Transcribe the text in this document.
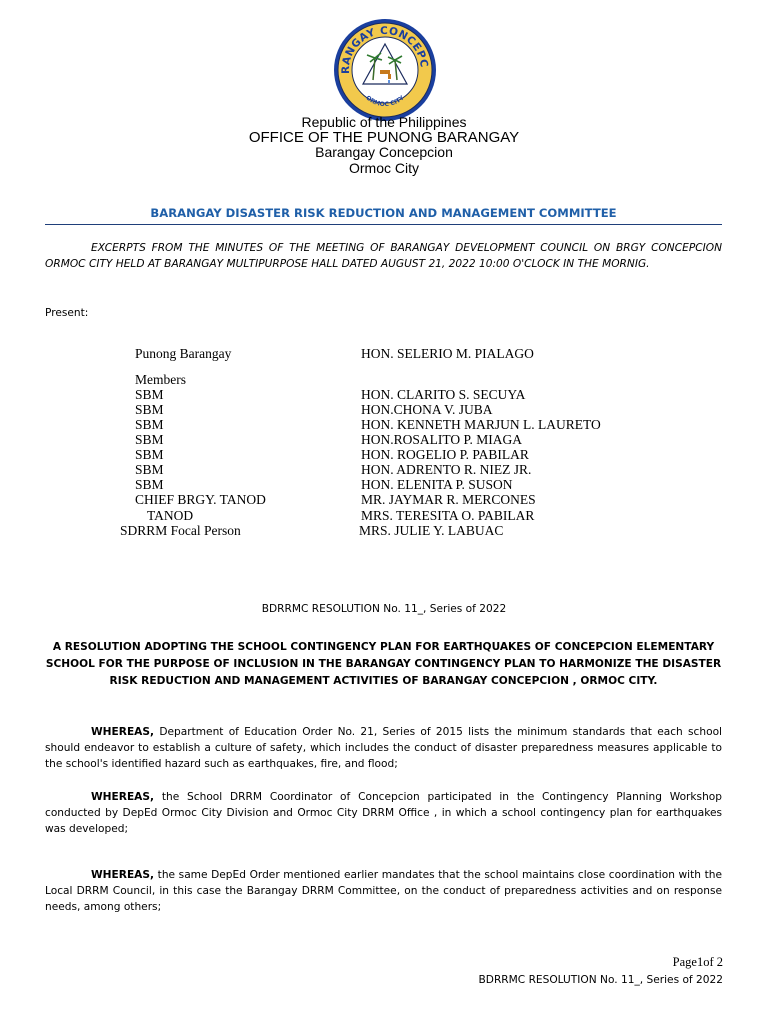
RANGAY CONCEPC
ORMOC CITY
Republic of the Philippines
OFFICE OF THE PUNONG BARANGAY
Barangay Concepcion
Ormoc City
BARANGAY DISASTER RISK REDUCTION AND MANAGEMENT COMMITTEE
EXCERPTS FROM THE MINUTES OF THE MEETING OF BARANGAY DEVELOPMENT COUNCIL ON BRGY CONCEPCION ORMOC CITY HELD AT BARANGAY MULTIPURPOSE HALL DATED AUGUST 21, 2022 10:00 O'CLOCK IN THE MORNIG.
Present:
Punong Barangay	HON. SELERIO M. PIALAGO
Members
SBM	HON. CLARITO S. SECUYA
SBM	HON.CHONA V. JUBA
SBM	HON. KENNETH MARJUN L. LAURETO
SBM	HON.ROSALITO P. MIAGA
SBM	HON. ROGELIO P. PABILAR
SBM	HON. ADRENTO R. NIEZ JR.
SBM	HON. ELENITA P. SUSON
CHIEF BRGY. TANOD	MR. JAYMAR R. MERCONES
TANOD	MRS. TERESITA O. PABILAR
SDRRM Focal Person	MRS. JULIE Y. LABUAC
BDRRMC RESOLUTION No. 11_, Series of 2022
A RESOLUTION ADOPTING THE SCHOOL CONTINGENCY PLAN FOR EARTHQUAKES OF CONCEPCION ELEMENTARY SCHOOL FOR THE PURPOSE OF INCLUSION IN THE BARANGAY CONTINGENCY PLAN TO HARMONIZE THE DISASTER RISK REDUCTION AND MANAGEMENT ACTIVITIES OF BARANGAY CONCEPCION , ORMOC CITY.
WHEREAS, Department of Education Order No. 21, Series of 2015 lists the minimum standards that each school should endeavor to establish a culture of safety, which includes the conduct of disaster preparedness measures applicable to the school's identified hazard such as earthquakes, fire, and flood;
WHEREAS, the School DRRM Coordinator of Concepcion participated in the Contingency Planning Workshop conducted by DepEd Ormoc City Division and Ormoc City DRRM Office , in which a school contingency plan for earthquakes was developed;
WHEREAS, the same DepEd Order mentioned earlier mandates that the school maintains close coordination with the Local DRRM Council, in this case the Barangay DRRM Committee, on the conduct of preparedness activities and on response needs, among others;
Page1of 2
BDRRMC RESOLUTION No. 11_, Series of 2022
